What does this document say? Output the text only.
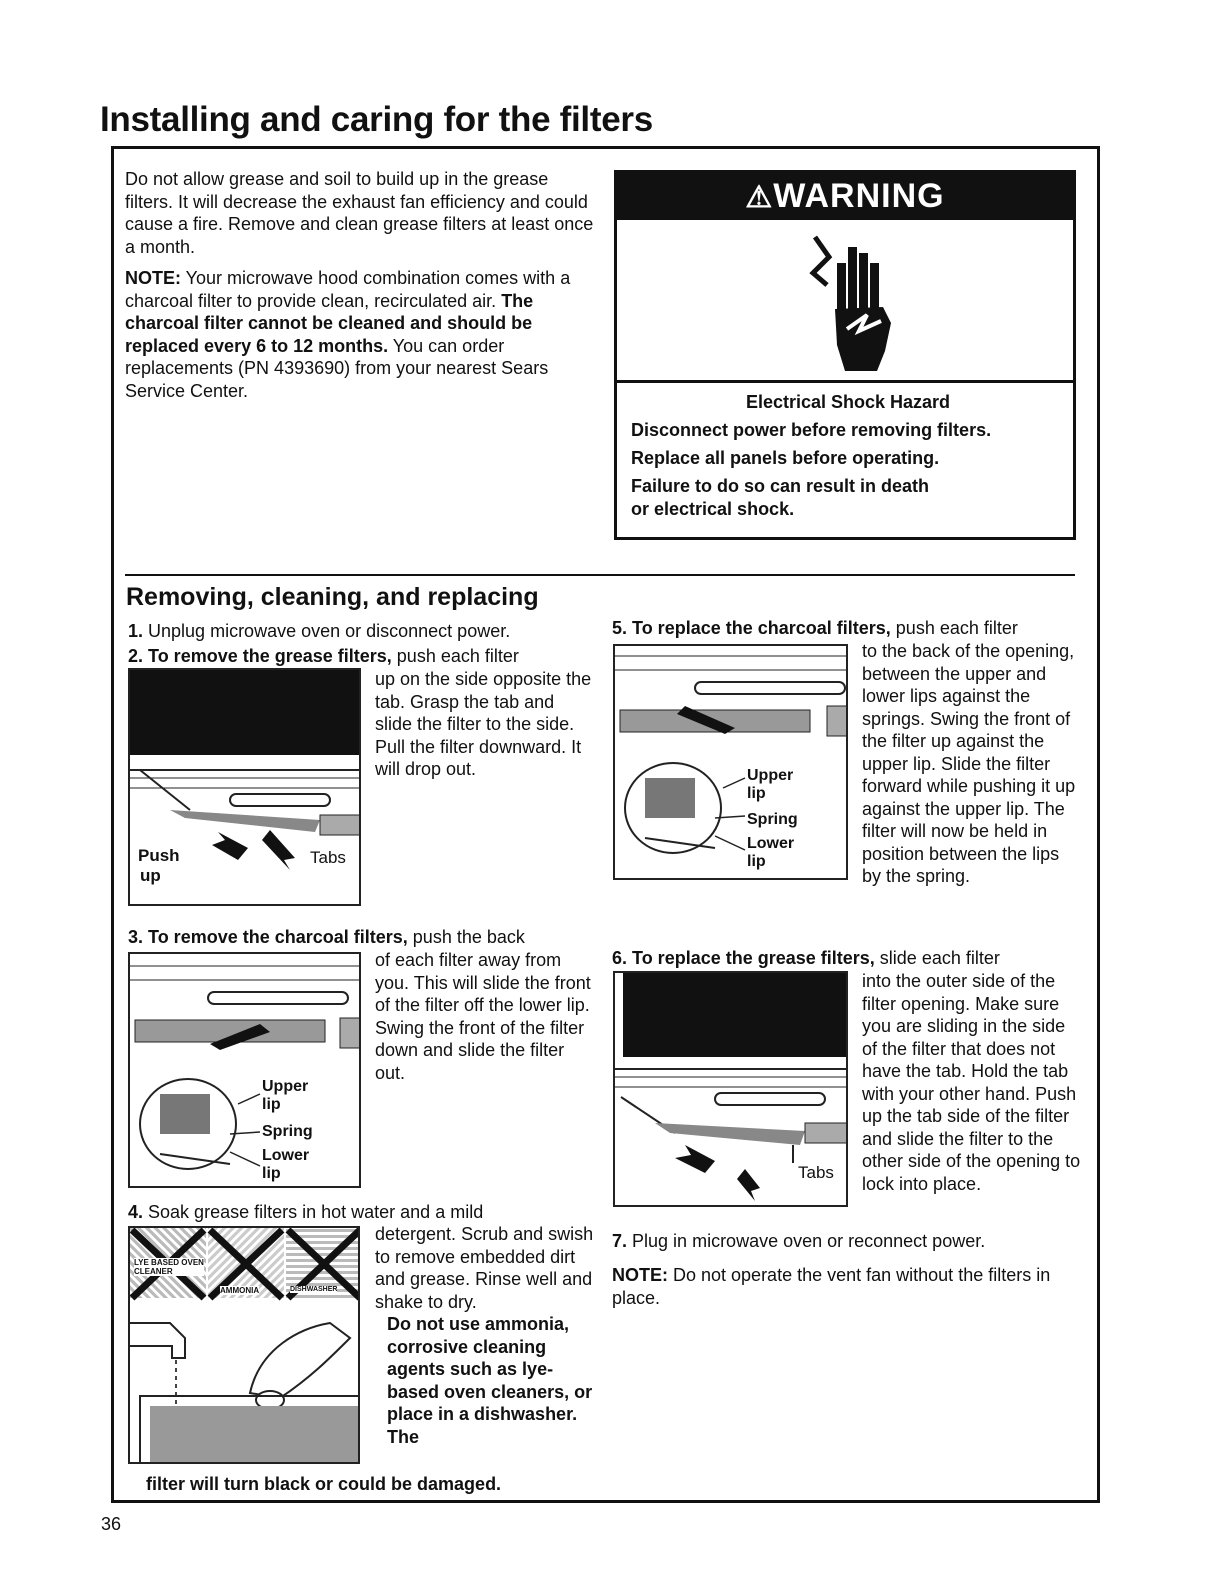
Installing and caring for the filters

Do not allow grease and soil to build up in the grease filters. It will decrease the exhaust fan efficiency and could cause a fire. Remove and clean grease filters at least once a month.

NOTE: Your microwave hood combination comes with a charcoal filter to provide clean, recirculated air. The charcoal filter cannot be cleaned and should be replaced every 6 to 12 months. You can order replacements (PN 4393690) from your nearest Sears Service Center.

⚠WARNING
Electrical Shock Hazard
Disconnect power before removing filters.
Replace all panels before operating.
Failure to do so can result in death
or electrical shock.
Removing, cleaning, and replacing
1. Unplug microwave oven or disconnect power.
2. To remove the grease filters, push each filter
Push
up
Tabs
up on the side opposite the tab. Grasp the tab and slide the filter to the side. Pull the filter downward. It will drop out.
3. To remove the charcoal filters, push the back
Upper
lip
Spring
Lower
lip
of each filter away from you. This will slide the front of the filter off the lower lip. Swing the front of the filter down and slide the filter out.
4. Soak grease filters in hot water and a mild
LYE BASED OVEN CLEANER
AMMONIA	DISHWASHER

detergent. Scrub and swish to remove embedded dirt and grease. Rinse well and shake to dry.

Do not use ammonia, corrosive cleaning agents such as lye-based oven cleaners, or place in a dishwasher. The

filter will turn black or could be damaged.
5. To replace the charcoal filters, push each filter
Upper
lip
Spring
Lower
lip
to the back of the opening, between the upper and lower lips against the springs. Swing the front of the filter up against the upper lip. Slide the filter forward while pushing it up against the upper lip. The filter will now be held in position between the lips by the spring.
6. To replace the grease filters, slide each filter
Tabs
into the outer side of the filter opening. Make sure you are sliding in the side of the filter that does not have the tab. Hold the tab with your other hand. Push up the tab side of the filter and slide the filter to the other side of the opening to lock into place.
7. Plug in microwave oven or reconnect power.
NOTE: Do not operate the vent fan without the filters in place.
36
